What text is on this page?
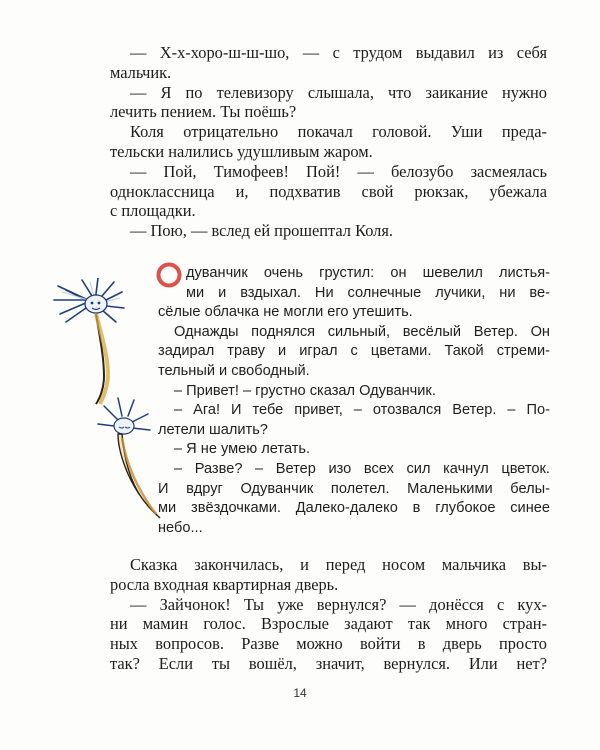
— Х-х-хоро-ш-ш-шо, — с трудом выдавил из себя
мальчик.
— Я по телевизору слышала, что заикание нужно
лечить пением. Ты поёшь?
Коля отрицательно покачал головой. Уши преда-
тельски налились удушливым жаром.
— Пой, Тимофеев! Пой! — белозубо засмеялась
одноклассница и, подхватив свой рюкзак, убежала
с площадки.
— Пою, — вслед ей прошептал Коля.
дуванчик очень грустил: он шевелил листья-
ми и вздыхал. Ни солнечные лучики, ни ве-
сёлые облачка не могли его утешить.
Однажды поднялся сильный, весёлый Ветер. Он
задирал траву и играл с цветами. Такой стреми-
тельный и свободный.
– Привет! – грустно сказал Одуванчик.
– Ага! И тебе привет, – отозвался Ветер. – По-
летели шалить?
– Я не умею летать.
– Разве? – Ветер изо всех сил качнул цветок.
И вдруг Одуванчик полетел. Маленькими белы-
ми звёздочками. Далеко-далеко в глубокое синее
небо...
Сказка закончилась, и перед носом мальчика вы-
росла входная квартирная дверь.
— Зайчонок! Ты уже вернулся? — донёсся с кух-
ни мамин голос. Взрослые задают так много стран-
ных вопросов. Разве можно войти в дверь просто
так? Если ты вошёл, значит, вернулся. Или нет?
14
